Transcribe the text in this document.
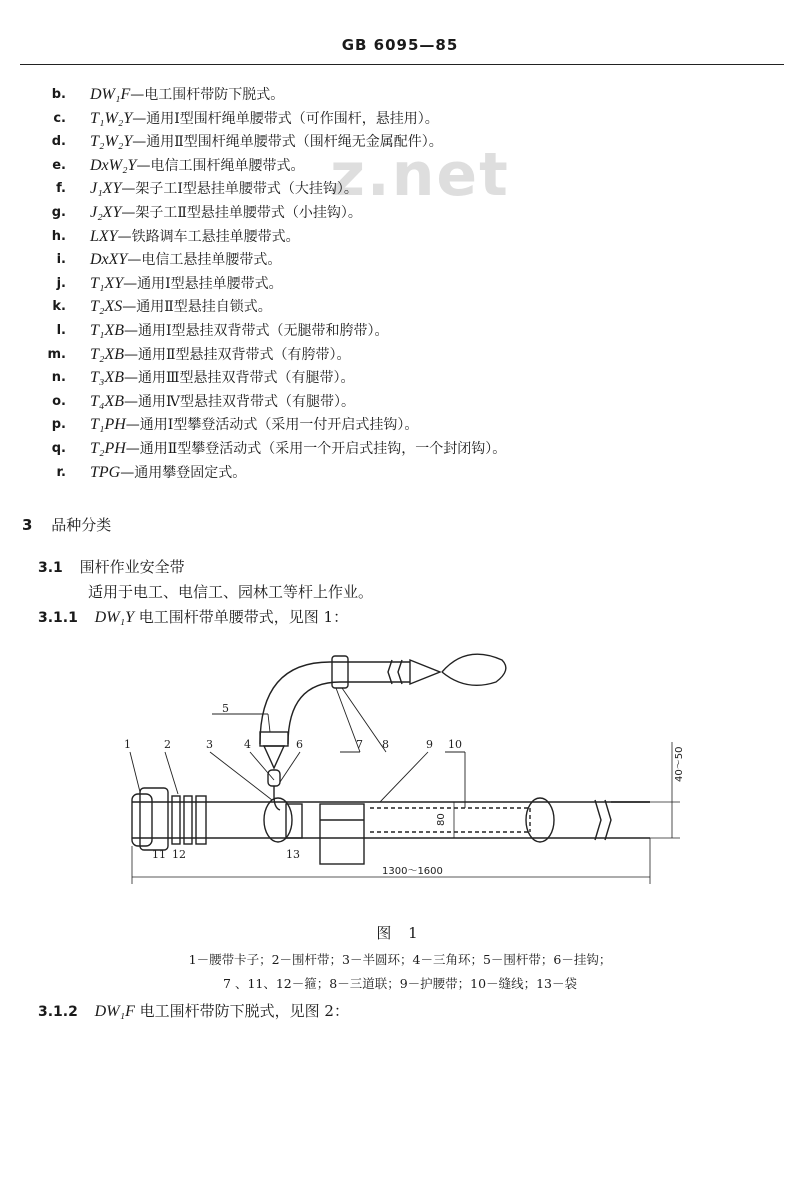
GB 6095—85
z.net
b. DW₁F—电工围杆带防下脱式。
c. T₁W₂Y—通用Ⅰ型围杆绳单腰带式（可作围杆，悬挂用）。
d. T₂W₂Y—通用Ⅱ型围杆绳单腰带式（围杆绳无金属配件）。
e. DxW₂Y—电信工围杆绳单腰带式。
f. J₁XY—架子工Ⅰ型悬挂单腰带式（大挂钩）。
g. J₂XY—架子工Ⅱ型悬挂单腰带式（小挂钩）。
h. LXY—铁路调车工悬挂单腰带式。
i. DxXY—电信工悬挂单腰带式。
j. T₁XY—通用Ⅰ型悬挂单腰带式。
k. T₂XS—通用Ⅱ型悬挂自锁式。
l. T₁XB—通用Ⅰ型悬挂双背带式（无腿带和胯带）。
m. T₂XB—通用Ⅱ型悬挂双背带式（有胯带）。
n. T₃XB—通用Ⅲ型悬挂双背带式（有腿带）。
o. T₄XB—通用Ⅳ型悬挂双背带式（有腿带）。
p. T₁PH—通用Ⅰ型攀登活动式（采用一付开启式挂钩）。
q. T₂PH—通用Ⅱ型攀登活动式（采用一个开启式挂钩，一个封闭钩）。
r. TPG—通用攀登固定式。
3 品种分类
3.1 围杆作业安全带
适用于电工、电信工、园林工等杆上作业。
3.1.1 DW₁Y 电工围杆带单腰带式，见图 1：
1	2	3	4
5
6	7 8	9 10
11 12	13
1300～1600
40～50
80
图 1
1－腰带卡子；2－围杆带；3－半圆环；4－三角环；5－围杆带；6－挂钩；
7 、11、12－箍；8－三道联；9－护腰带；10－缝线；13－袋
3.1.2 DW₁F 电工围杆带防下脱式，见图 2：
